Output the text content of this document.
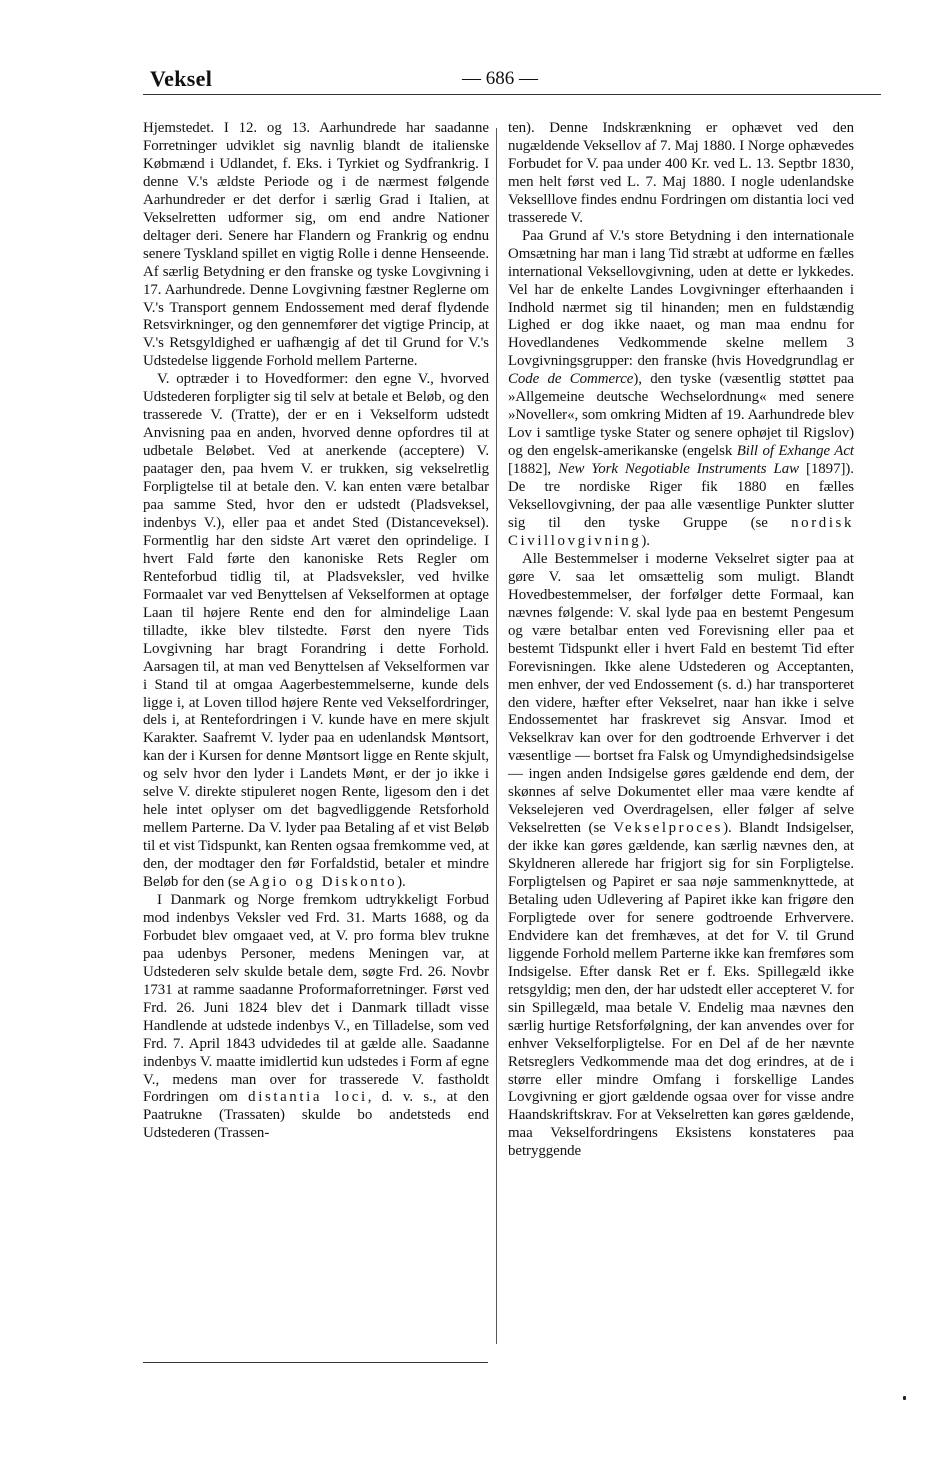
Veksel	— 686 —

Hjemstedet. I 12. og 13. Aarhundrede har saadanne Forretninger udviklet sig navnlig blandt de italienske Købmænd i Udlandet, f. Eks. i Tyrkiet og Sydfrankrig. I denne V.'s ældste Periode og i de nærmest følgende Aarhundreder er det derfor i særlig Grad i Italien, at Vekselretten udformer sig, om end andre Nationer deltager deri. Senere har Flandern og Frankrig og endnu senere Tyskland spillet en vigtig Rolle i denne Henseende. Af særlig Betydning er den franske og tyske Lovgivning i 17. Aarhundrede. Denne Lovgivning fæstner Reglerne om V.'s Transport gennem Endossement med deraf flydende Retsvirkninger, og den gennemfører det vigtige Princip, at V.'s Retsgyldighed er uafhængig af det til Grund for V.'s Udstedelse liggende Forhold mellem Parterne.

V. optræder i to Hovedformer: den egne V., hvorved Udstederen forpligter sig til selv at betale et Beløb, og den trasserede V. (Tratte), der er en i Vekselform udstedt Anvisning paa en anden, hvorved denne opfordres til at udbetale Beløbet. Ved at anerkende (acceptere) V. paatager den, paa hvem V. er trukken, sig vekselretlig Forpligtelse til at betale den. V. kan enten være betalbar paa samme Sted, hvor den er udstedt (Pladsveksel, indenbys V.), eller paa et andet Sted (Distanceveksel). Formentlig har den sidste Art været den oprindelige. I hvert Fald førte den kanoniske Rets Regler om Renteforbud tidlig til, at Pladsveksler, ved hvilke Formaalet var ved Benyttelsen af Vekselformen at optage Laan til højere Rente end den for almindelige Laan tilladte, ikke blev tilstedte. Først den nyere Tids Lovgivning har bragt Forandring i dette Forhold. Aarsagen til, at man ved Benyttelsen af Vekselformen var i Stand til at omgaa Aagerbestemmelserne, kunde dels ligge i, at Loven tillod højere Rente ved Vekselfordringer, dels i, at Rentefordringen i V. kunde have en mere skjult Karakter. Saafremt V. lyder paa en udenlandsk Møntsort, kan der i Kursen for denne Møntsort ligge en Rente skjult, og selv hvor den lyder i Landets Mønt, er der jo ikke i selve V. direkte stipuleret nogen Rente, ligesom den i det hele intet oplyser om det bagvedliggende Retsforhold mellem Parterne. Da V. lyder paa Betaling af et vist Beløb til et vist Tidspunkt, kan Renten ogsaa fremkomme ved, at den, der modtager den før Forfaldstid, betaler et mindre Beløb for den (se Agio og Diskonto).

I Danmark og Norge fremkom udtrykkeligt Forbud mod indenbys Veksler ved Frd. 31. Marts 1688, og da Forbudet blev omgaaet ved, at V. pro forma blev trukne paa udenbys Personer, medens Meningen var, at Udstederen selv skulde betale dem, søgte Frd. 26. Novbr 1731 at ramme saadanne Proformaforretninger. Først ved Frd. 26. Juni 1824 blev det i Danmark tilladt visse Handlende at udstede indenbys V., en Tilladelse, som ved Frd. 7. April 1843 udvidedes til at gælde alle. Saadanne indenbys V. maatte imidlertid kun udstedes i Form af egne V., medens man over for trasserede V. fastholdt Fordringen om distantia loci, d. v. s., at den Paatrukne (Trassaten) skulde bo andetsteds end Udstederen (Trassen-

ten). Denne Indskrænkning er ophævet ved den nugældende Veksellov af 7. Maj 1880. I Norge ophævedes Forbudet for V. paa under 400 Kr. ved L. 13. Septbr 1830, men helt først ved L. 7. Maj 1880. I nogle udenlandske Vekselllove findes endnu Fordringen om distantia loci ved trasserede V.

Paa Grund af V.'s store Betydning i den internationale Omsætning har man i lang Tid stræbt at udforme en fælles international Veksellovgivning, uden at dette er lykkedes. Vel har de enkelte Landes Lovgivninger efterhaanden i Indhold nærmet sig til hinanden; men en fuldstændig Lighed er dog ikke naaet, og man maa endnu for Hovedlandenes Vedkommende skelne mellem 3 Lovgivningsgrupper: den franske (hvis Hovedgrundlag er Code de Commerce), den tyske (væsentlig støttet paa »Allgemeine deutsche Wechselordnung« med senere »Noveller«, som omkring Midten af 19. Aarhundrede blev Lov i samtlige tyske Stater og senere ophøjet til Rigslov) og den engelsk-amerikanske (engelsk Bill of Exhange Act [1882], New York Negotiable Instruments Law [1897]). De tre nordiske Riger fik 1880 en fælles Veksellovgivning, der paa alle væsentlige Punkter slutter sig til den tyske Gruppe (se nordisk Civillovgivning).

Alle Bestemmelser i moderne Vekselret sigter paa at gøre V. saa let omsættelig som muligt. Blandt Hovedbestemmelser, der forfølger dette Formaal, kan nævnes følgende: V. skal lyde paa en bestemt Pengesum og være betalbar enten ved Forevisning eller paa et bestemt Tidspunkt eller i hvert Fald en bestemt Tid efter Forevisningen. Ikke alene Udstederen og Acceptanten, men enhver, der ved Endossement (s. d.) har transporteret den videre, hæfter efter Vekselret, naar han ikke i selve Endossementet har fraskrevet sig Ansvar. Imod et Vekselkrav kan over for den godtroende Erhverver i det væsentlige — bortset fra Falsk og Umyndighedsindsigelse — ingen anden Indsigelse gøres gældende end dem, der skønnes af selve Dokumentet eller maa være kendte af Vekselejeren ved Overdragelsen, eller følger af selve Vekselretten (se Vekselproces). Blandt Indsigelser, der ikke kan gøres gældende, kan særlig nævnes den, at Skyldneren allerede har frigjort sig for sin Forpligtelse. Forpligtelsen og Papiret er saa nøje sammenknyttede, at Betaling uden Udlevering af Papiret ikke kan frigøre den Forpligtede over for senere godtroende Erhververe. Endvidere kan det fremhæves, at det for V. til Grund liggende Forhold mellem Parterne ikke kan fremføres som Indsigelse. Efter dansk Ret er f. Eks. Spillegæld ikke retsgyldig; men den, der har udstedt eller accepteret V. for sin Spillegæld, maa betale V. Endelig maa nævnes den særlig hurtige Retsforfølgning, der kan anvendes over for enhver Vekselforpligtelse. For en Del af de her nævnte Retsreglers Vedkommende maa det dog erindres, at de i større eller mindre Omfang i forskellige Landes Lovgivning er gjort gældende ogsaa over for visse andre Haandskriftskrav. For at Vekselretten kan gøres gældende, maa Vekselfordringens Eksistens konstateres paa betryggende
